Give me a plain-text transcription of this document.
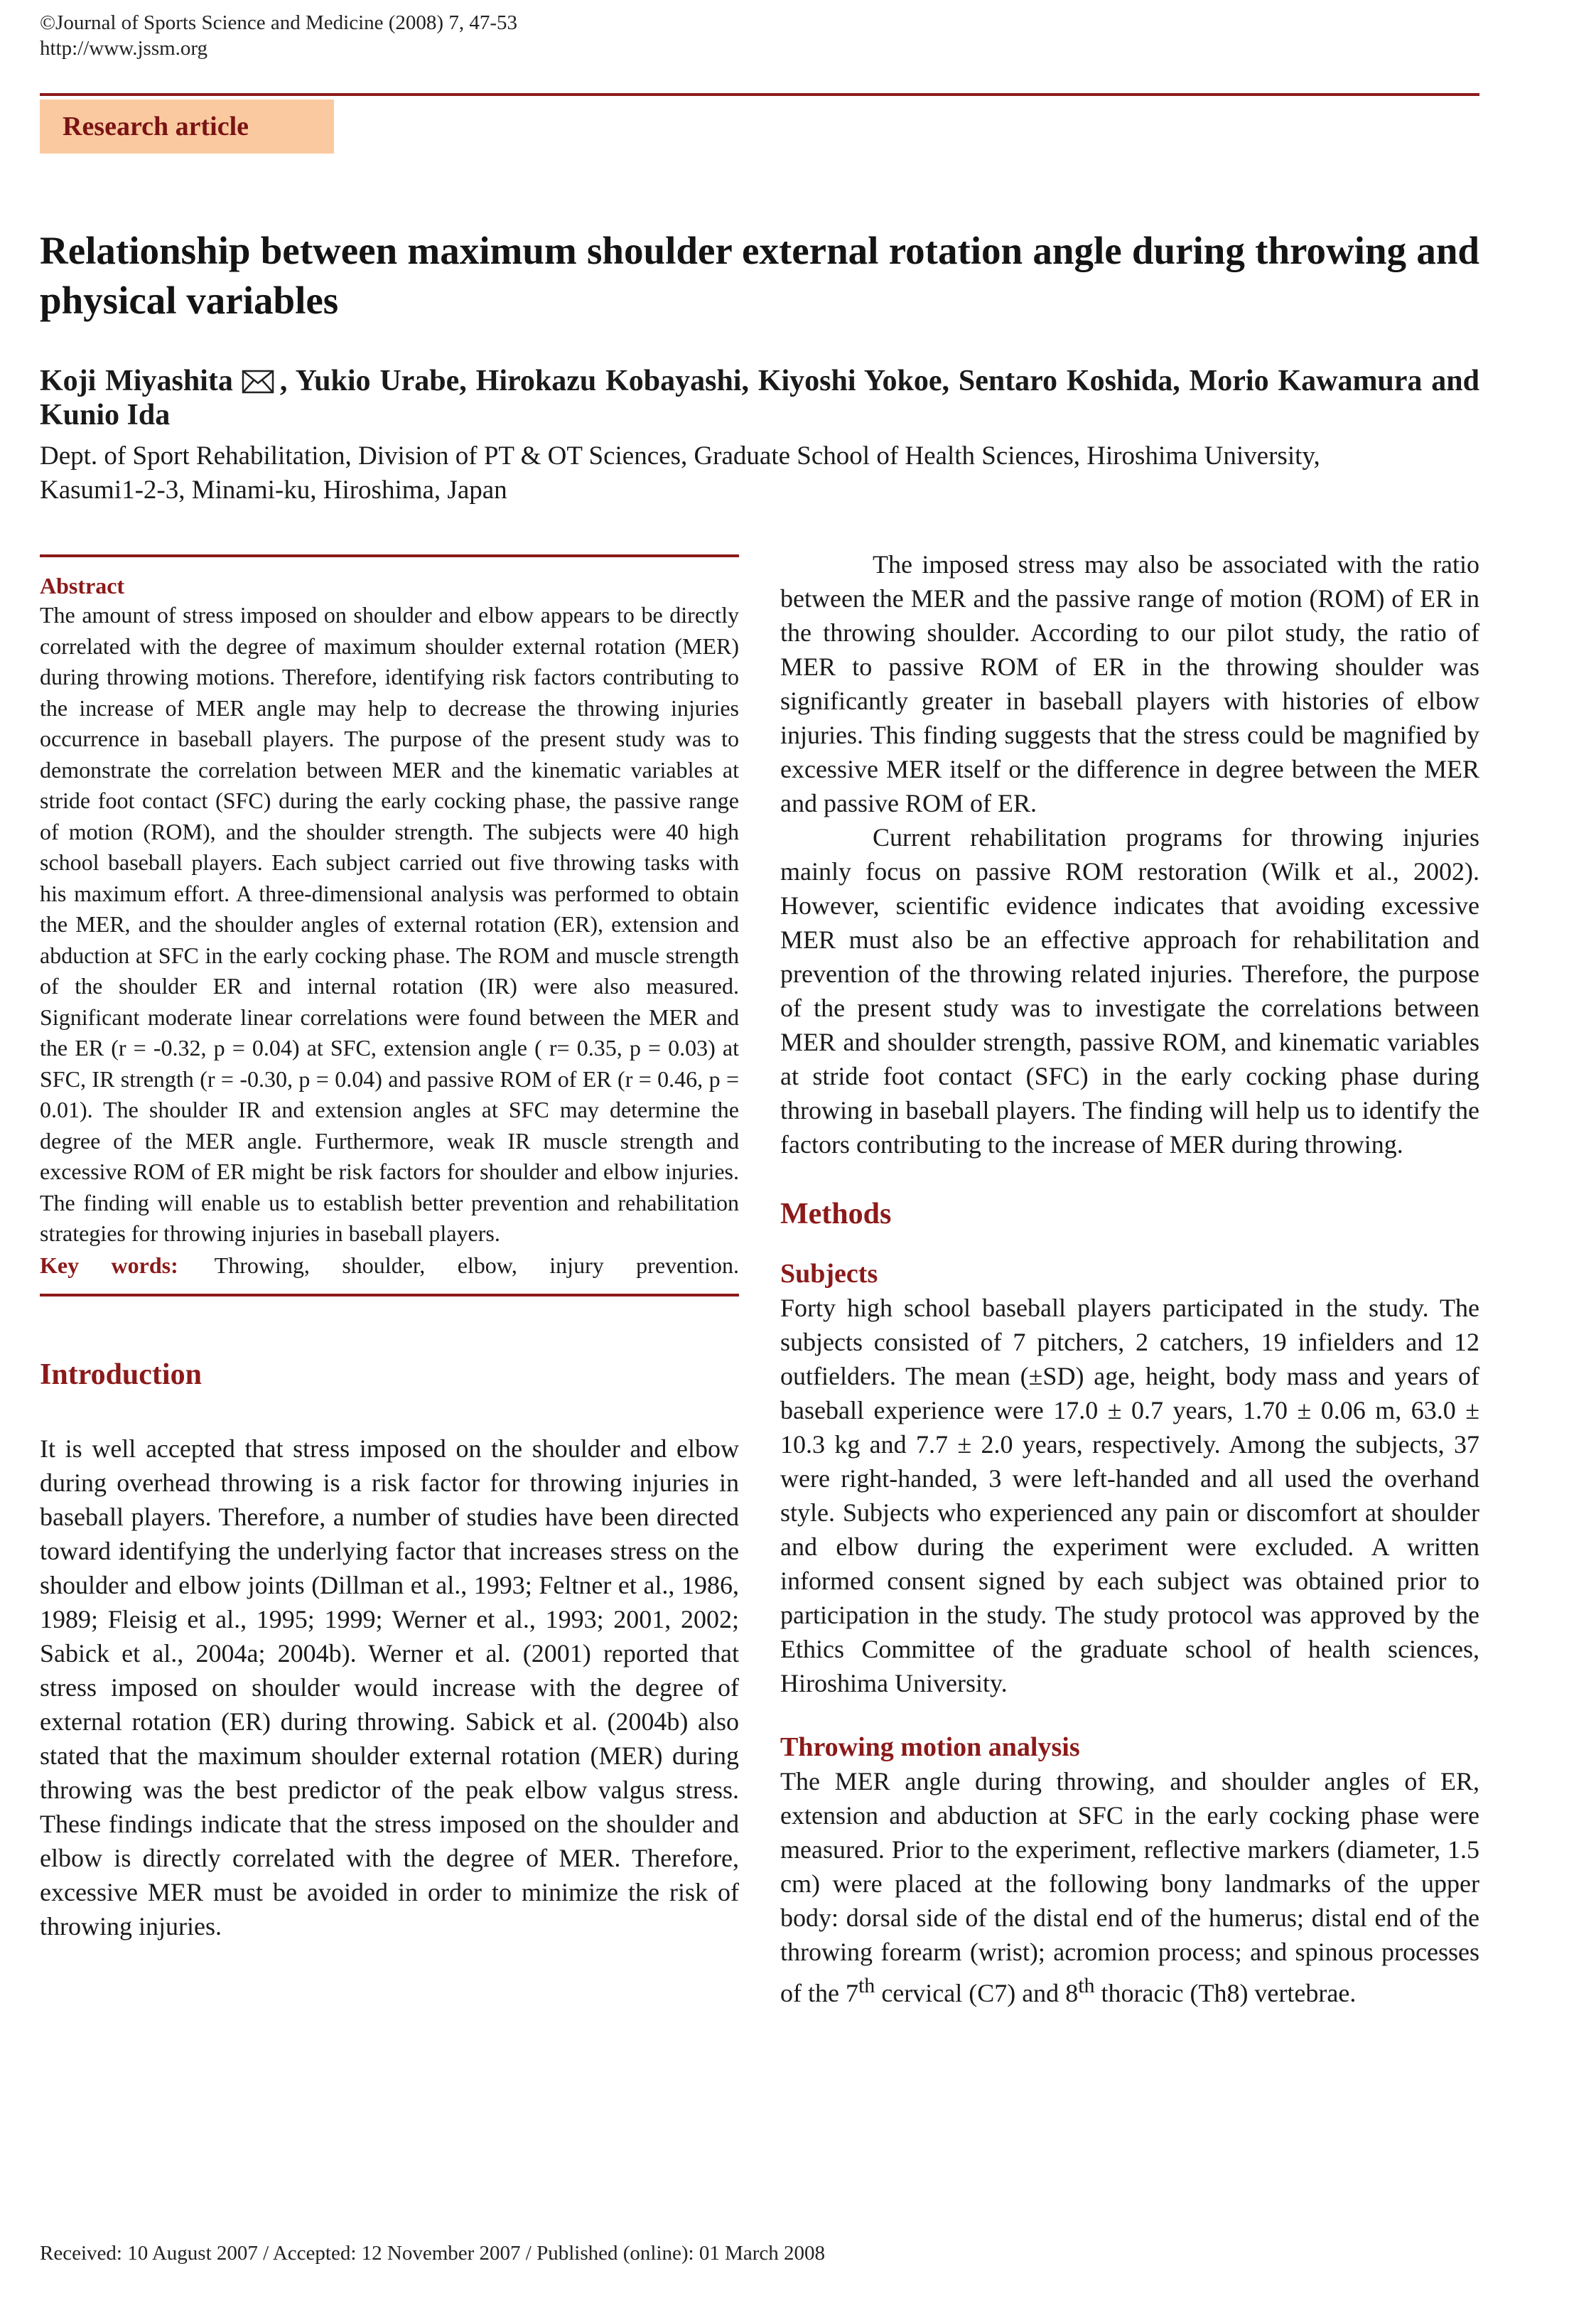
©Journal of Sports Science and Medicine (2008) 7, 47-53
http://www.jssm.org
Research article
Relationship between maximum shoulder external rotation angle during throwing and physical variables
Koji Miyashita , Yukio Urabe, Hirokazu Kobayashi, Kiyoshi Yokoe, Sentaro Koshida, Morio Kawamura and Kunio Ida
Dept. of Sport Rehabilitation, Division of PT & OT Sciences, Graduate School of Health Sciences, Hiroshima University, Kasumi1-2-3, Minami-ku, Hiroshima, Japan
Abstract

The amount of stress imposed on shoulder and elbow appears to be directly correlated with the degree of maximum shoulder external rotation (MER) during throwing motions. Therefore, identifying risk factors contributing to the increase of MER angle may help to decrease the throwing injuries occurrence in baseball players. The purpose of the present study was to demonstrate the correlation between MER and the kinematic variables at stride foot contact (SFC) during the early cocking phase, the passive range of motion (ROM), and the shoulder strength. The subjects were 40 high school baseball players. Each subject carried out five throwing tasks with his maximum effort. A three-dimensional analysis was performed to obtain the MER, and the shoulder angles of external rotation (ER), extension and abduction at SFC in the early cocking phase. The ROM and muscle strength of the shoulder ER and internal rotation (IR) were also measured. Significant moderate linear correlations were found between the MER and the ER (r = -0.32, p = 0.04) at SFC, extension angle ( r= 0.35, p = 0.03) at SFC, IR strength (r = -0.30, p = 0.04) and passive ROM of ER (r = 0.46, p = 0.01). The shoulder IR and extension angles at SFC may determine the degree of the MER angle. Furthermore, weak IR muscle strength and excessive ROM of ER might be risk factors for shoulder and elbow injuries. The finding will enable us to establish better prevention and rehabilitation strategies for throwing injuries in baseball players.

Key words: Throwing, shoulder, elbow, injury prevention.

Introduction

It is well accepted that stress imposed on the shoulder and elbow during overhead throwing is a risk factor for throwing injuries in baseball players. Therefore, a number of studies have been directed toward identifying the underlying factor that increases stress on the shoulder and elbow joints (Dillman et al., 1993; Feltner et al., 1986, 1989; Fleisig et al., 1995; 1999; Werner et al., 1993; 2001, 2002; Sabick et al., 2004a; 2004b). Werner et al. (2001) reported that stress imposed on shoulder would increase with the degree of external rotation (ER) during throwing. Sabick et al. (2004b) also stated that the maximum shoulder external rotation (MER) during throwing was the best predictor of the peak elbow valgus stress. These findings indicate that the stress imposed on the shoulder and elbow is directly correlated with the degree of MER. Therefore, excessive MER must be avoided in order to minimize the risk of throwing injuries.

The imposed stress may also be associated with the ratio between the MER and the passive range of motion (ROM) of ER in the throwing shoulder. According to our pilot study, the ratio of MER to passive ROM of ER in the throwing shoulder was significantly greater in baseball players with histories of elbow injuries. This finding suggests that the stress could be magnified by excessive MER itself or the difference in degree between the MER and passive ROM of ER.

Current rehabilitation programs for throwing injuries mainly focus on passive ROM restoration (Wilk et al., 2002). However, scientific evidence indicates that avoiding excessive MER must also be an effective approach for rehabilitation and prevention of the throwing related injuries. Therefore, the purpose of the present study was to investigate the correlations between MER and shoulder strength, passive ROM, and kinematic variables at stride foot contact (SFC) in the early cocking phase during throwing in baseball players. The finding will help us to identify the factors contributing to the increase of MER during throwing.

Methods
Subjects

Forty high school baseball players participated in the study. The subjects consisted of 7 pitchers, 2 catchers, 19 infielders and 12 outfielders. The mean (±SD) age, height, body mass and years of baseball experience were 17.0 ± 0.7 years, 1.70 ± 0.06 m, 63.0 ± 10.3 kg and 7.7 ± 2.0 years, respectively. Among the subjects, 37 were right-handed, 3 were left-handed and all used the overhand style. Subjects who experienced any pain or discomfort at shoulder and elbow during the experiment were excluded. A written informed consent signed by each subject was obtained prior to participation in the study. The study protocol was approved by the Ethics Committee of the graduate school of health sciences, Hiroshima University.

Throwing motion analysis

The MER angle during throwing, and shoulder angles of ER, extension and abduction at SFC in the early cocking phase were measured. Prior to the experiment, reflective markers (diameter, 1.5 cm) were placed at the following bony landmarks of the upper body: dorsal side of the distal end of the humerus; distal end of the throwing forearm (wrist); acromion process; and spinous processes of the 7th cervical (C7) and 8th thoracic (Th8) vertebrae.

Received: 10 August 2007 / Accepted: 12 November 2007 / Published (online): 01 March 2008
